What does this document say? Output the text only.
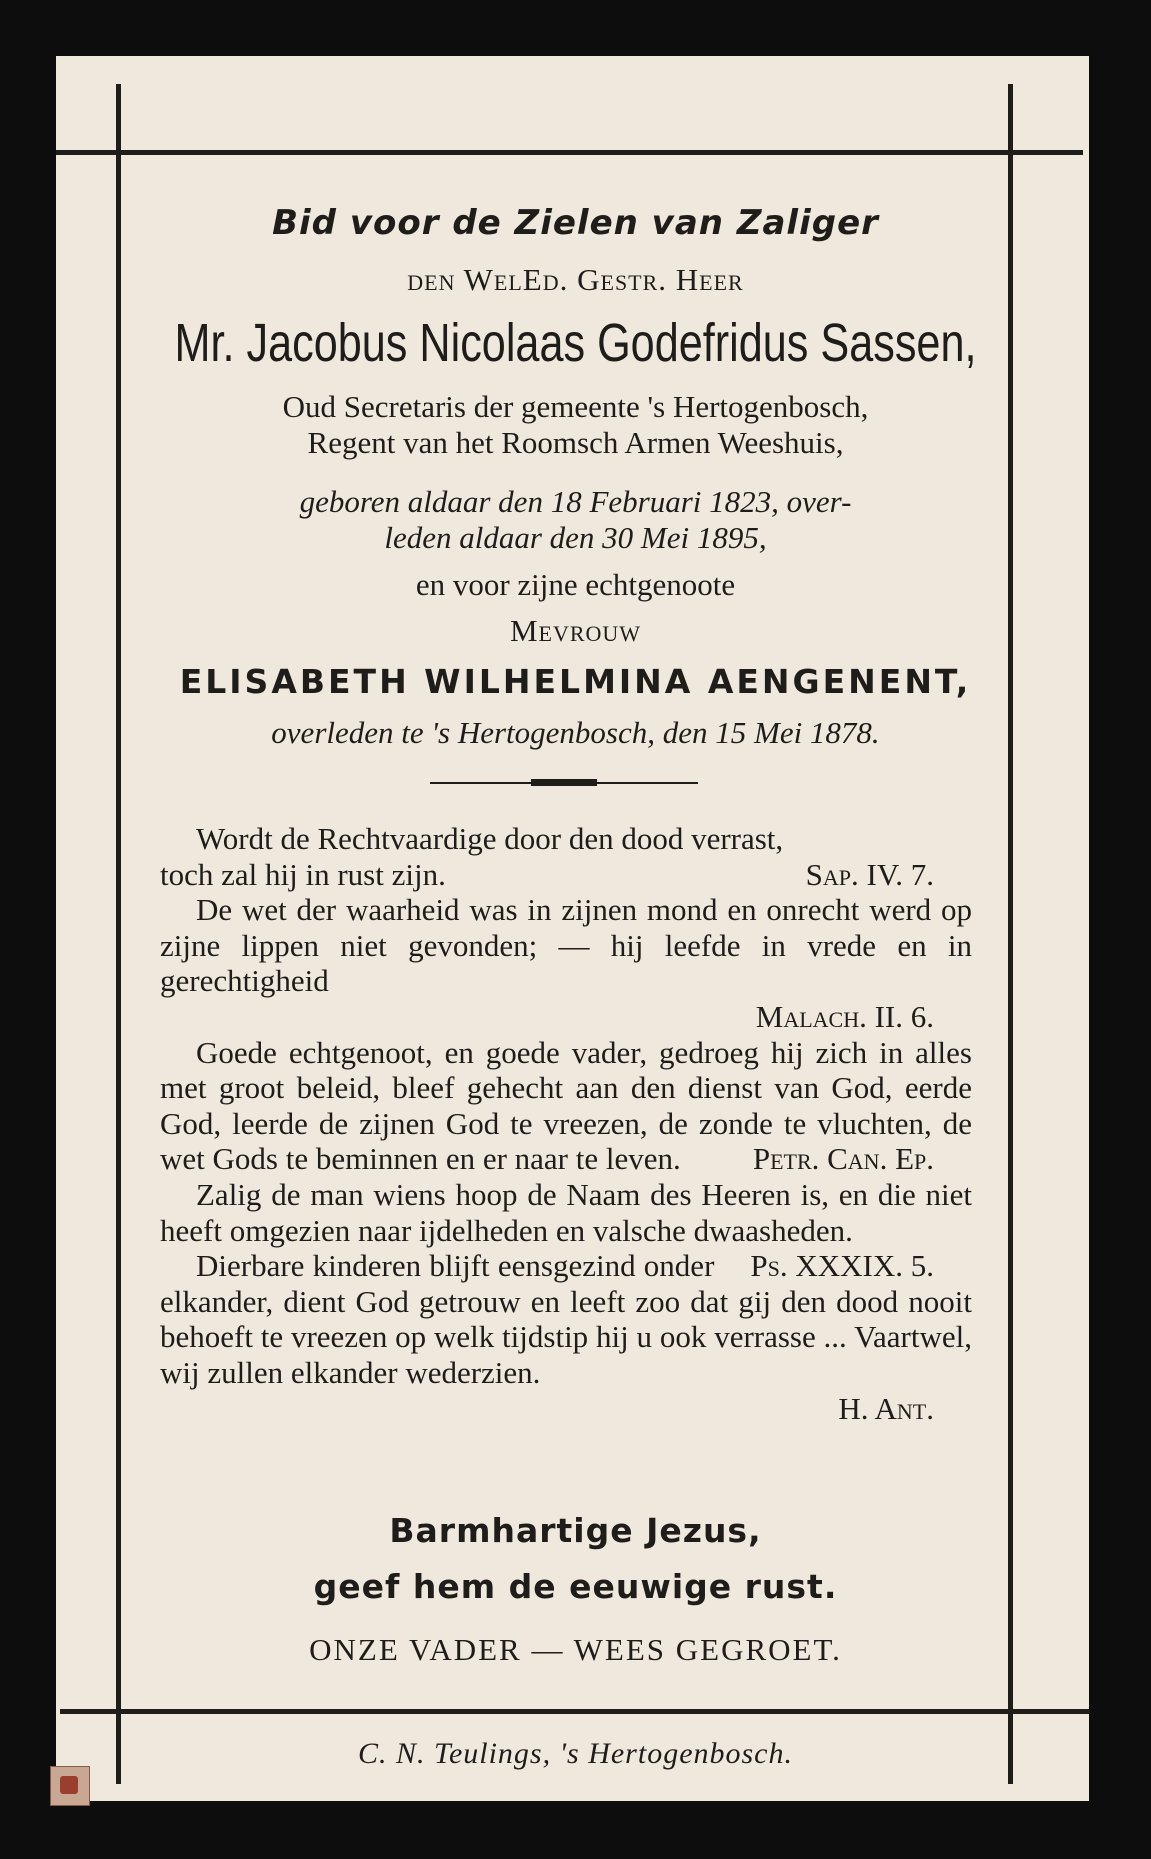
Bid voor de Zielen van Zaliger
den WelEd. Gestr. Heer
Mr. Jacobus Nicolaas Godefridus Sassen,
Oud Secretaris der gemeente 's Hertogenbosch,
Regent van het Roomsch Armen Weeshuis,
geboren aldaar den 18 Februari 1823, over-
leden aldaar den 30 Mei 1895,
en voor zijne echtgenoote
Mevrouw
ELISABETH WILHELMINA AENGENENT,
overleden te 's Hertogenbosch, den 15 Mei 1878.

Wordt de Rechtvaardige door den dood verrast,

Sap. IV. 7.
toch zal hij in rust zijn.

De wet der waarheid was in zijnen mond en onrecht werd op zijne lippen niet gevonden; — hij leefde in vrede en in gerechtigheid

Malach. II. 6.

Goede echtgenoot, en goede vader, gedroeg hij zich in alles met groot beleid, bleef gehecht aan den dienst van God, eerde God, leerde de zijnen God te vreezen, de zonde te vluchten, de wet Gods te beminnen en er naar te leven.	Petr. Can. Ep.

Zalig de man wiens hoop de Naam des Heeren is, en die niet heeft omgezien naar ijdelheden en valsche dwaasheden.
Ps. XXXIX. 5.

Dierbare kinderen blijft eensgezind onder elkander, dient God getrouw en leeft zoo dat gij den dood nooit behoeft te vreezen op welk tijdstip hij u ook verrasse ... Vaartwel, wij zullen elkander wederzien.

H. Ant.

Barmhartige Jezus,
geef hem de eeuwige rust.
ONZE VADER — WEES GEGROET.
C. N. Teulings, 's Hertogenbosch.
